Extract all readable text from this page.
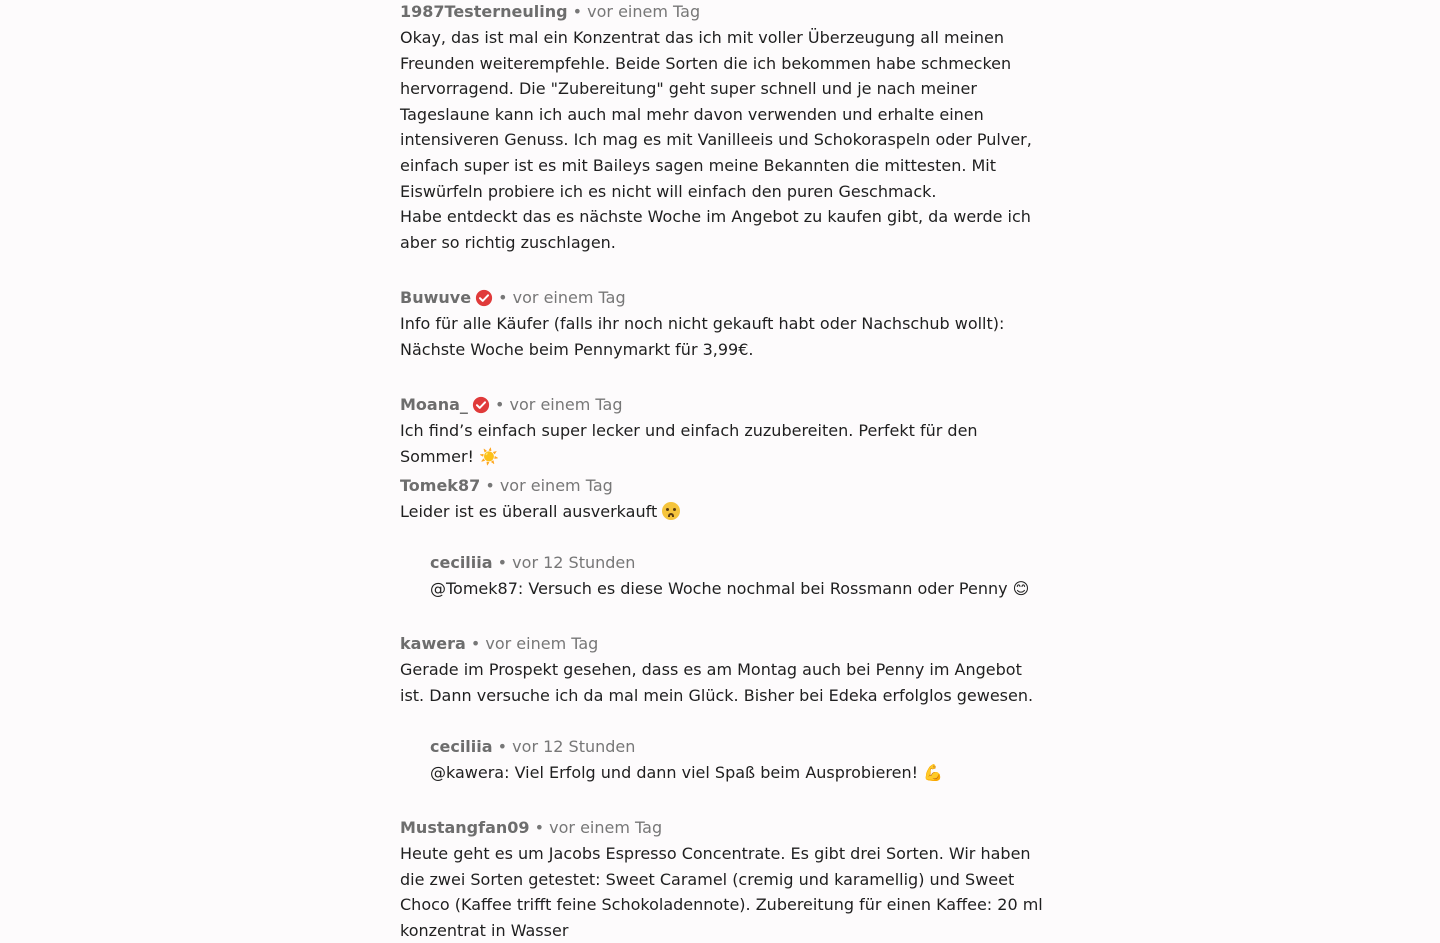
1987Testerneuling • vor einem Tag
Okay, das ist mal ein Konzentrat das ich mit voller Überzeugung all meinen Freunden weiterempfehle. Beide Sorten die ich bekommen habe schmecken hervorragend. Die "Zubereitung" geht super schnell und je nach meiner Tageslaune kann ich auch mal mehr davon verwenden und erhalte einen intensiveren Genuss. Ich mag es mit Vanilleeis und Schokoraspeln oder Pulver, einfach super ist es mit Baileys sagen meine Bekannten die mittesten. Mit Eiswürfeln probiere ich es nicht will einfach den puren Geschmack.
Habe entdeckt das es nächste Woche im Angebot zu kaufen gibt, da werde ich aber so richtig zuschlagen.
Buwuve • vor einem Tag
Info für alle Käufer (falls ihr noch nicht gekauft habt oder Nachschub wollt): Nächste Woche beim Pennymarkt für 3,99€.
Moana_ • vor einem Tag
Ich find’s einfach super lecker und einfach zuzubereiten. Perfekt für den Sommer! ☀️
Tomek87 • vor einem Tag
Leider ist es überall ausverkauft
ceciliia • vor 12 Stunden
@Tomek87: Versuch es diese Woche nochmal bei Rossmann oder Penny 😊
kawera • vor einem Tag
Gerade im Prospekt gesehen, dass es am Montag auch bei Penny im Angebot ist. Dann versuche ich da mal mein Glück. Bisher bei Edeka erfolglos gewesen.
ceciliia • vor 12 Stunden
@kawera: Viel Erfolg und dann viel Spaß beim Ausprobieren! 💪
Mustangfan09 • vor einem Tag
Heute geht es um Jacobs Espresso Concentrate. Es gibt drei Sorten. Wir haben die zwei Sorten getestet: Sweet Caramel (cremig und karamellig) und Sweet Choco (Kaffee trifft feine Schokoladennote). Zubereitung für einen Kaffee: 20 ml konzentrat in Wasser
